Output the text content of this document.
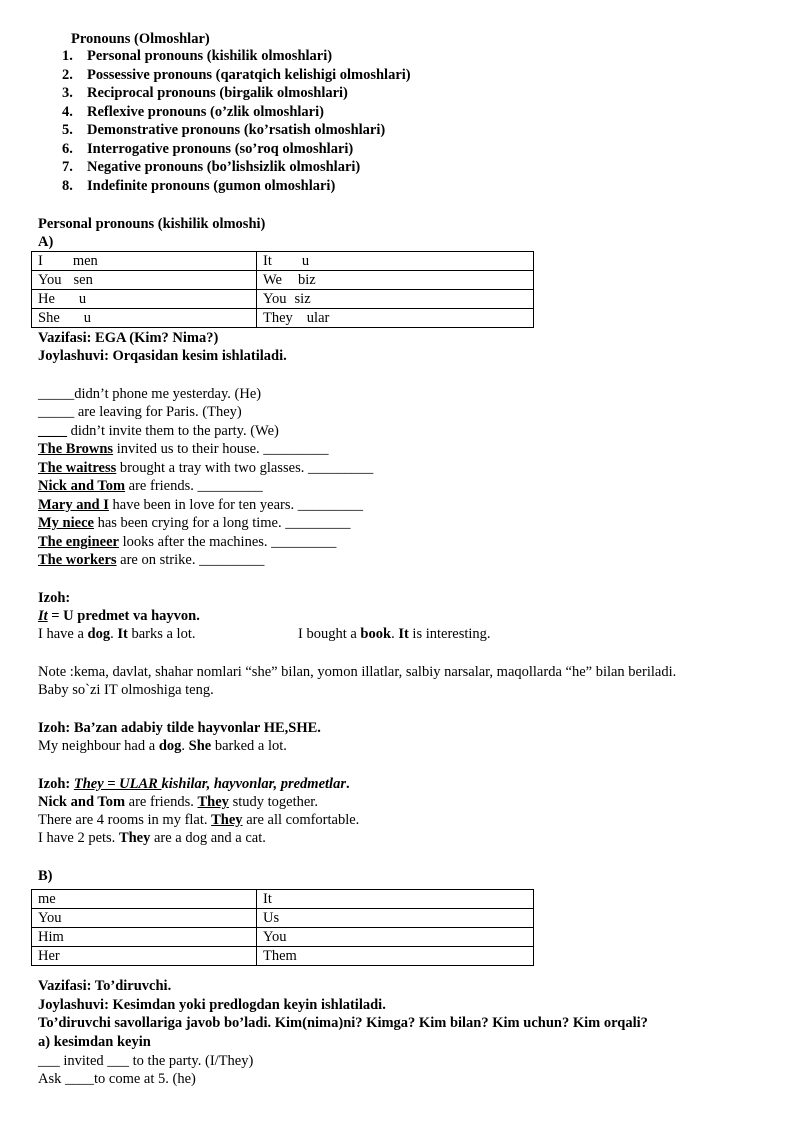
Pronouns (Olmoshlar)
1. Personal pronouns (kishilik olmoshlari)
2. Possessive pronouns (qaratqich kelishigi olmoshlari)
3. Reciprocal pronouns (birgalik olmoshlari)
4. Reflexive pronouns (o’zlik olmoshlari)
5. Demonstrative pronouns (ko’rsatish olmoshlari)
6. Interrogative pronouns (so’roq olmoshlari)
7. Negative pronouns (bo’lishsizlik olmoshlari)
8. Indefinite pronouns (gumon olmoshlari)
Personal pronouns (kishilik olmoshi)
A)
I men	It u
You sen	We biz
He u	You siz
She u	They ular
Vazifasi: EGA (Kim? Nima?)
Joylashuvi: Orqasidan kesim ishlatiladi.
_____didn’t phone me yesterday. (He)
_____ are leaving for Paris. (They)
____ didn’t invite them to the party. (We)
The Browns invited us to their house. _________
The waitress brought a tray with two glasses. _________
Nick and Tom are friends. _________
Mary and I have been in love for ten years. _________
My niece has been crying for a long time. _________
The engineer looks after the machines. _________
The workers are on strike. _________
Izoh:
It = U predmet va hayvon.
I have a dog. It barks a lot.	I bought a book. It is interesting.
Note :kema, davlat, shahar nomlari “she” bilan, yomon illatlar, salbiy narsalar, maqollarda “he” bilan beriladi.
Baby so`zi IT olmoshiga teng.
Izoh: Ba’zan adabiy tilde hayvonlar HE,SHE.
My neighbour had a dog. She barked a lot.
Izoh: They = ULAR kishilar, hayvonlar, predmetlar.
Nick and Tom are friends. They study together.
There are 4 rooms in my flat. They are all comfortable.
I have 2 pets. They are a dog and a cat.
B)
me	It
You	Us
Him	You
Her	Them
Vazifasi: To’diruvchi.
Joylashuvi: Kesimdan yoki predlogdan keyin ishlatiladi.
To’diruvchi savollariga javob bo’ladi. Kim(nima)ni? Kimga? Kim bilan? Kim uchun? Kim orqali?
a) kesimdan keyin
___ invited ___ to the party. (I/They)
Ask ____to come at 5. (he)
